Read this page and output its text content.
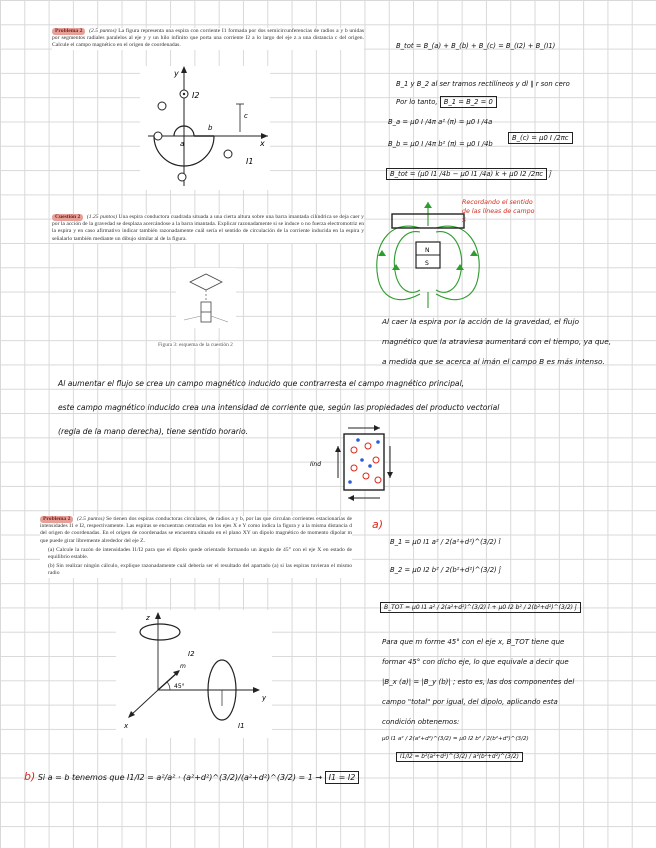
Problema 2 (2.5 puntos) La figura representa una espira con corriente I1 formada por dos semicircunferencias de radios a y b unidas por segmentos radiales paralelos al eje y y un hilo infinito que porta una corriente I2 a lo largo del eje z a una distancia c del origen. Calcule el campo magnético en el origen de coordenadas.
y
x
I2
I1
a
b
c
B_tot = B_(a) + B_(b) + B_(c) = B_(I2) + B_(I1)
B_1 y B_2 al ser tramos rectilíneos y dl ∥ r son cero
Por lo tanto, B_1 = B_2 = 0
B_a = μ0 I /4π a² (π) = μ0 I /4a
B_b = μ0 I /4π b² (π) = μ0 I /4b
B_(c) = μ0 I /2πc
B_tot = (μ0 I1 /4b − μ0 I1 /4a) k + μ0 I2 /2πc ĵ
Cuestión 2 (1.25 puntos) Una espira conductora cuadrada situada a una cierta altura sobre una barra imantada cilíndrica se deja caer y por la acción de la gravedad se desplaza acercándose a la barra imantada. Explicar razonadamente si se induce o no fuerza electromotriz en la espira y en caso afirmativo indicar también razonadamente cuál sería el sentido de circulación de la corriente inducida en la espira y señalarlo también mediante un dibujo similar al de la figura.
Figura 3: esquema de la cuestión 2
N
S
Recordando el sentido
de las líneas de campo
S
Al caer la espira por la acción de la gravedad, el flujo
magnético que la atraviesa aumentará con el tiempo, ya que,
a medida que se acerca al imán el campo B es más intenso.
Al aumentar el flujo se crea un campo magnético inducido que contrarresta el campo magnético principal,
este campo magnético inducido crea una intensidad de corriente que, según las propiedades del producto vectorial
(regla de la mano derecha), tiene sentido horario.
Iind
Problema 2 (2.5 puntos) Se tienen dos espiras conductoras circulares, de radios a y b, por las que circulan corrientes estacionarias de intensidades I1 e I2, respectivamente. Las espiras se encuentran centradas en los ejes X e Y como indica la figura y a la misma distancia d del origen de coordenadas. En el origen de coordenadas se encuentra situado en el plano XY un dipolo magnético de momento dipolar m que puede girar libremente alrededor del eje Z.
(a) Calcule la razón de intensidades I1/I2 para que el dipolo quede orientado formando un ángulo de 45° con el eje X en estado de equilibrio estable.
(b) Sin realizar ningún cálculo, explique razonadamente cuál debería ser el resultado del apartado (a) si las espiras tuvieran el mismo radio
z
x
y
45°
I2
I1
m
a)
B_1 = μ0 I1 a² / 2(a²+d²)^(3/2) î
B_2 = μ0 I2 b² / 2(b²+d²)^(3/2) ĵ
B_TOT = μ0 I1 a² / 2(a²+d²)^(3/2) î + μ0 I2 b² / 2(b²+d²)^(3/2) ĵ
Para que m forme 45° con el eje x, B_TOT tiene que
formar 45° con dicho eje, lo que equivale a decir que
|B_x (a)| = |B_y (b)| ; esto es, las dos componentes del
campo "total" por igual, del dipolo, aplicando esta
condición obtenemos:
μ0 I1 a² / 2(a²+d²)^(3/2) = μ0 I2 b² / 2(b²+d²)^(3/2)
I1/I2 = b²(a²+d²)^(3/2) / a²(b²+d²)^(3/2)
b) Si a = b tenemos que I1/I2 = a²/a² · (a²+d²)^(3/2)/(a²+d²)^(3/2) = 1 → I1 = I2
